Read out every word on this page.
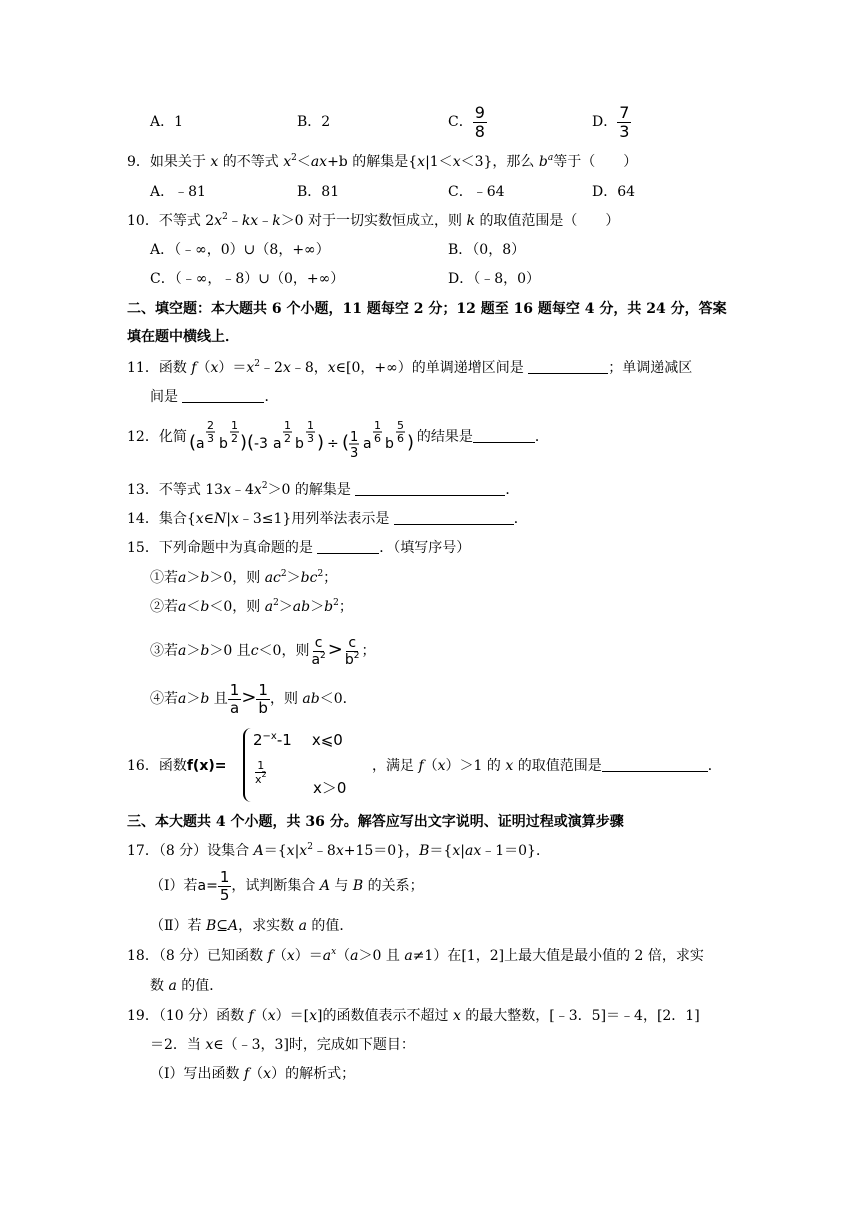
A．1	B．2	C． $\frac{9}{8}$	D． $\frac{7}{3}$
9．如果关于 x 的不等式 $x^2<ax+b$ 的解集是{x|1＜x＜3}，那么 $b^a$等于（　　）
A．﹣81	B．81	C．﹣64	D．64
10．不等式 $2x^2﹣kx﹣k>0$ 对于一切实数恒成立，则 k 的取值范围是（　　）
A．（﹣∞，0）∪（8，+∞）	B．（0，8）
C．（﹣∞，﹣8）∪（0，+∞）	D．（﹣8，0）
二、填空题：本大题共 6 个小题，11 题每空 2 分；12 题至 16 题每空 4 分，共 24 分，答案
填在题中横线上．
11．函数 $f(x)=x^2﹣2x﹣8$，x∈[0，+∞）的单调递增区间是	；单调递减区
间是	．
12．化简 ( a
2
3 b
1
2 ) ( -3 a
1
2 b
1
3 ) ÷ ( 1
3
a
1
6 b
5
6 ) 的结果是	．
13．不等式 $13x﹣4x^2>0$ 的解集是	．
14．集合{x∈N|x﹣3≤1}用列举法表示是	．
15．下列命题中为真命题的是	．（填写序号）
①若a＞b＞0，则 $ac^2>bc^2$；
②若a＜b＜0，则 $a^2>ab>b^2$；
③若a＞b＞0 且c＜0，则 $\frac{c}{a^2} > \frac{c}{b^2}$ ；
④若a＞b 且 $\frac{1}{a} > \frac{1}{b}$ ，则 ab＜0．
16．函数f(x)=
$2^{-x}-1$ x⩽0
$\frac{1}{x^2}$
x＞0
，满足 f（x）＞1 的 x 的取值范围是	．
三、本大题共 4 个小题，共 36 分。解答应写出文字说明、证明过程或演算步骤
17．（8 分）设集合 $A=\{x|x^2﹣8x+15=0\}$，B＝{x|ax﹣1＝0}．
（Ⅰ）若$a= \frac{1}{5}$ ，试判断集合 A 与 B 的关系；
（Ⅱ）若 B⊆A，求实数 a 的值．
18．（8 分）已知函数 $f(x)=a^x(a>0$ 且 a≠1）在[1，2]上最大值是最小值的 2 倍，求实
数 a 的值．
19．（10 分）函数 f（x）＝[x]的函数值表示不超过 x 的最大整数，[﹣3．5]＝﹣4，[2．1]
＝2．当 x∈（﹣3，3]时，完成如下题目：
（Ⅰ）写出函数 f（x）的解析式；
